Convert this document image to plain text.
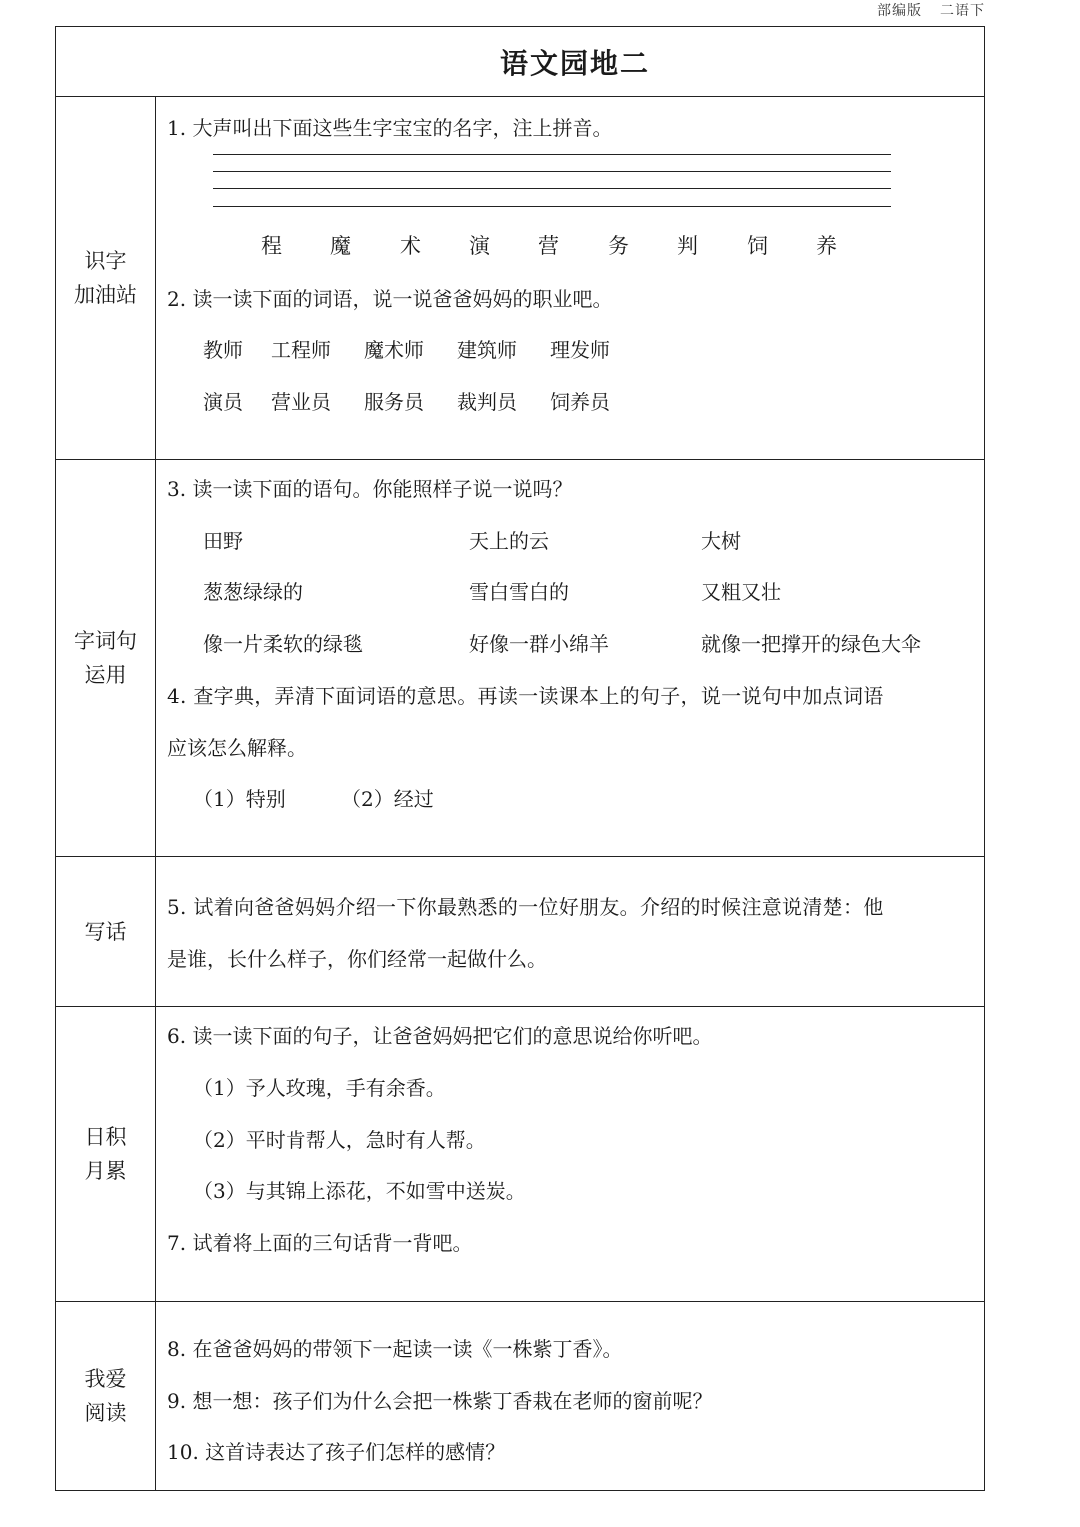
部编版 二语下
语文园地二
识字
加油站
1. 大声叫出下面这些生字宝宝的名字，注上拼音。
程 魔 术 演 营 务 判 饲 养
2. 读一读下面的词语，说一说爸爸妈妈的职业吧。
教师 工程师 魔术师 建筑师 理发师
演员 营业员 服务员 裁判员 饲养员
字词句
运用
3. 读一读下面的语句。你能照样子说一说吗？
田野	天上的云	大树
葱葱绿绿的	雪白雪白的	又粗又壮
像一片柔软的绿毯	好像一群小绵羊	就像一把撑开的绿色大伞
4. 查字典，弄清下面词语的意思。再读一读课本上的句子，说一说句中加点词语
应该怎么解释。
（1）特别	（2）经过
写话
5. 试着向爸爸妈妈介绍一下你最熟悉的一位好朋友。介绍的时候注意说清楚：他
是谁，长什么样子，你们经常一起做什么。
日积
月累
6. 读一读下面的句子，让爸爸妈妈把它们的意思说给你听吧。
（1）予人玫瑰，手有余香。
（2）平时肯帮人，急时有人帮。
（3）与其锦上添花，不如雪中送炭。
7. 试着将上面的三句话背一背吧。
我爱
阅读
8. 在爸爸妈妈的带领下一起读一读《一株紫丁香》。
9. 想一想：孩子们为什么会把一株紫丁香栽在老师的窗前呢？
10. 这首诗表达了孩子们怎样的感情？
